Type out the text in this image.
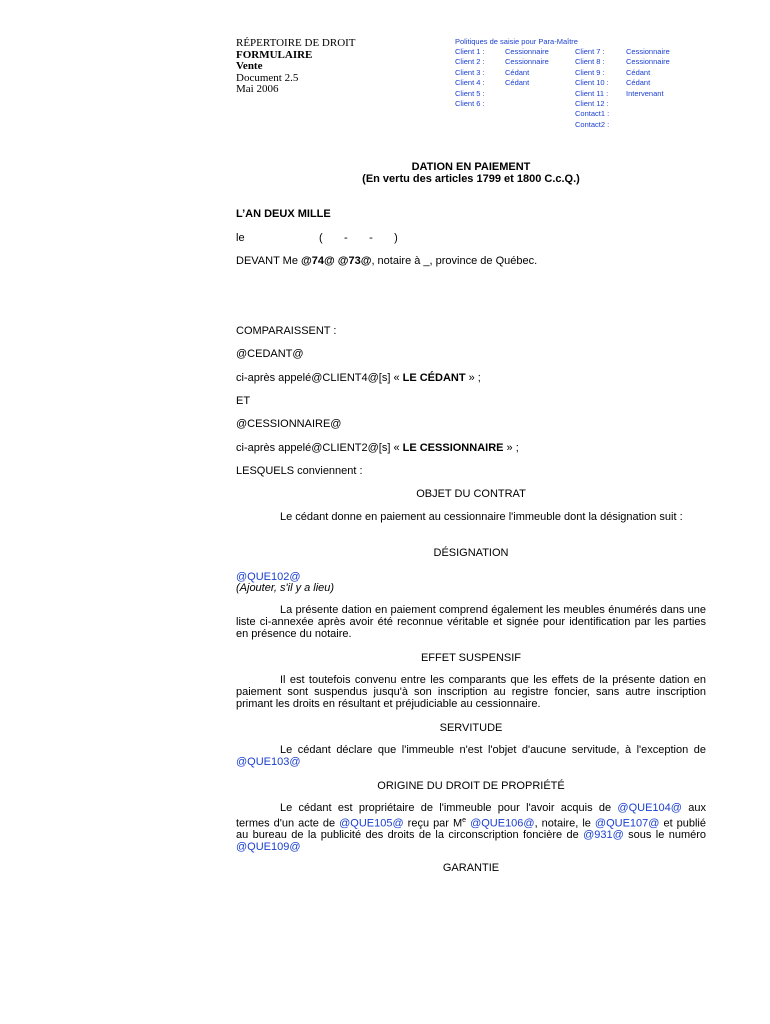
RÉPERTOIRE DE DROIT
FORMULAIRE
Vente
Document 2.5
Mai 2006
Politiques de saisie pour Para-Maître
Client 1 :
Client 2 :
Client 3 :
Client 4 :
Client 5 :
Client 6 :
Cessionnaire
Cessionnaire
Cédant
Cédant
Client 7 :
Client 8 :
Client 9 :
Client 10 :
Client 11 :
Client 12 :
Contact1 :
Contact2 :
Cessionnaire
Cessionnaire
Cédant
Cédant
Intervenant
DATION EN PAIEMENT
(En vertu des articles 1799 et 1800 C.c.Q.)
L’AN DEUX MILLE
le	(       -       -       )
DEVANT Me @74@ @73@, notaire à _, province de Québec.
COMPARAISSENT :
@CEDANT@
ci-après appelé@CLIENT4@[s] « LE CÉDANT » ;
ET
@CESSIONNAIRE@
ci-après appelé@CLIENT2@[s] « LE CESSIONNAIRE » ;
LESQUELS conviennent :
OBJET DU CONTRAT
Le cédant donne en paiement au cessionnaire l'immeuble dont la désignation suit :
DÉSIGNATION
@QUE102@
(Ajouter, s'il y a lieu)
La présente dation en paiement comprend également les meubles énumérés dans une liste ci-annexée après avoir été reconnue véritable et signée pour identification par les parties en présence du notaire.
EFFET SUSPENSIF
Il est toutefois convenu entre les comparants que les effets de la présente dation en paiement sont suspendus jusqu'à son inscription au registre foncier, sans autre inscription primant les droits en résultant et préjudiciable au cessionnaire.
SERVITUDE
Le cédant déclare que l'immeuble n'est l'objet d'aucune servitude, à l'exception de @QUE103@
ORIGINE DU DROIT DE PROPRIÉTÉ
Le cédant est propriétaire de l'immeuble pour l'avoir acquis de @QUE104@ aux termes d'un acte de @QUE105@ reçu par Me @QUE106@, notaire, le @QUE107@ et publié au bureau de la publicité des droits de la circonscription foncière de @931@ sous le numéro @QUE109@
GARANTIE
